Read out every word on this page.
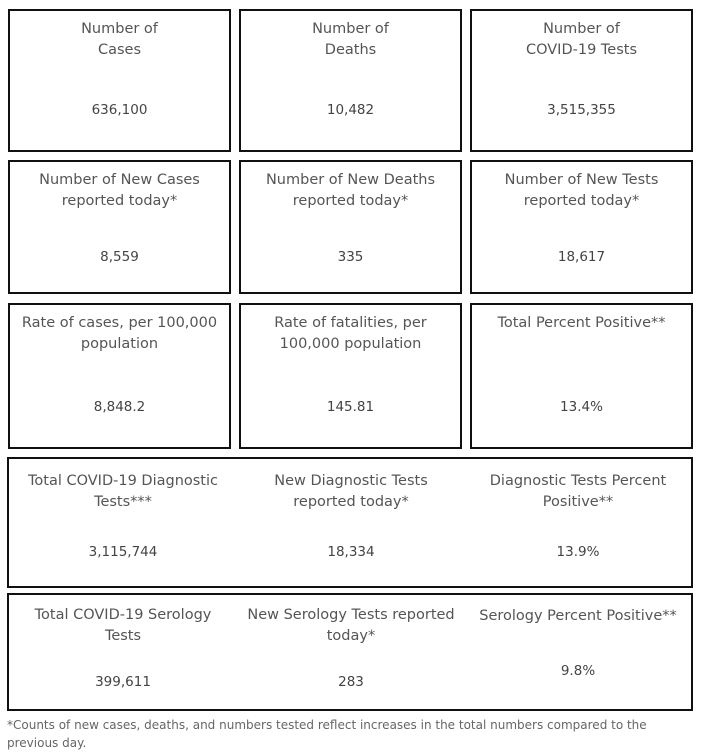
Number of
Cases
636,100
Number of
Deaths
10,482
Number of
COVID-19 Tests
3,515,355
Number of New Cases
reported today*
8,559
Number of New Deaths
reported today*
335
Number of New Tests
reported today*
18,617
Rate of cases, per 100,000
population
8,848.2
Rate of fatalities, per
100,000 population
145.81
Total Percent Positive**
13.4%
Total COVID-19 Diagnostic
Tests***
3,115,744
New Diagnostic Tests
reported today*
18,334
Diagnostic Tests Percent
Positive**
13.9%
Total COVID-19 Serology
Tests
399,611
New Serology Tests reported
today*
283
Serology Percent Positive**
9.8%
*Counts of new cases, deaths, and numbers tested reflect increases in the total numbers compared to the previous day.
